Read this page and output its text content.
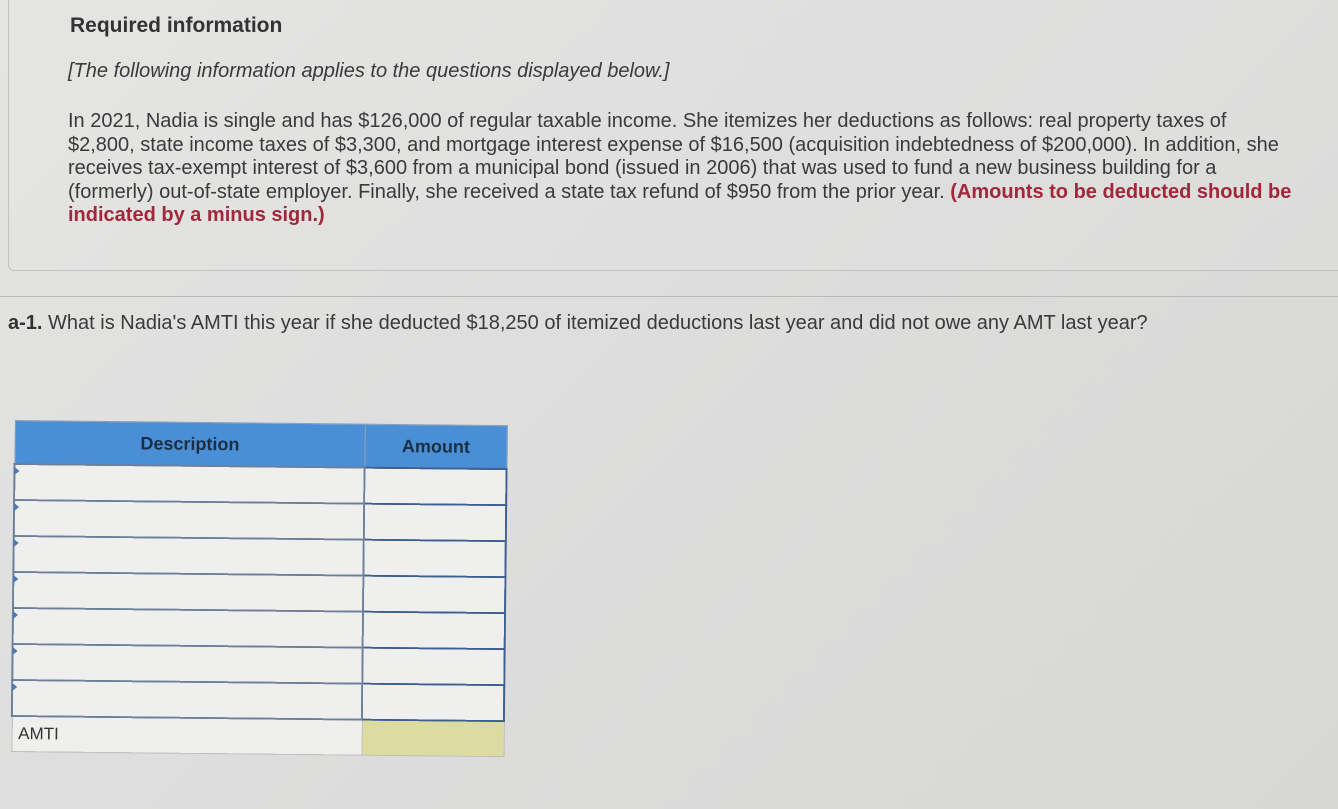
Required information
[The following information applies to the questions displayed below.]
In 2021, Nadia is single and has $126,000 of regular taxable income. She itemizes her deductions as follows: real property taxes of $2,800, state income taxes of $3,300, and mortgage interest expense of $16,500 (acquisition indebtedness of $200,000). In addition, she receives tax-exempt interest of $3,600 from a municipal bond (issued in 2006) that was used to fund a new business building for a (formerly) out-of-state employer. Finally, she received a state tax refund of $950 from the prior year. (Amounts to be deducted should be indicated by a minus sign.)
a-1. What is Nadia's AMTI this year if she deducted $18,250 of itemized deductions last year and did not owe any AMT last year?
Description	Amount

AMTI	
